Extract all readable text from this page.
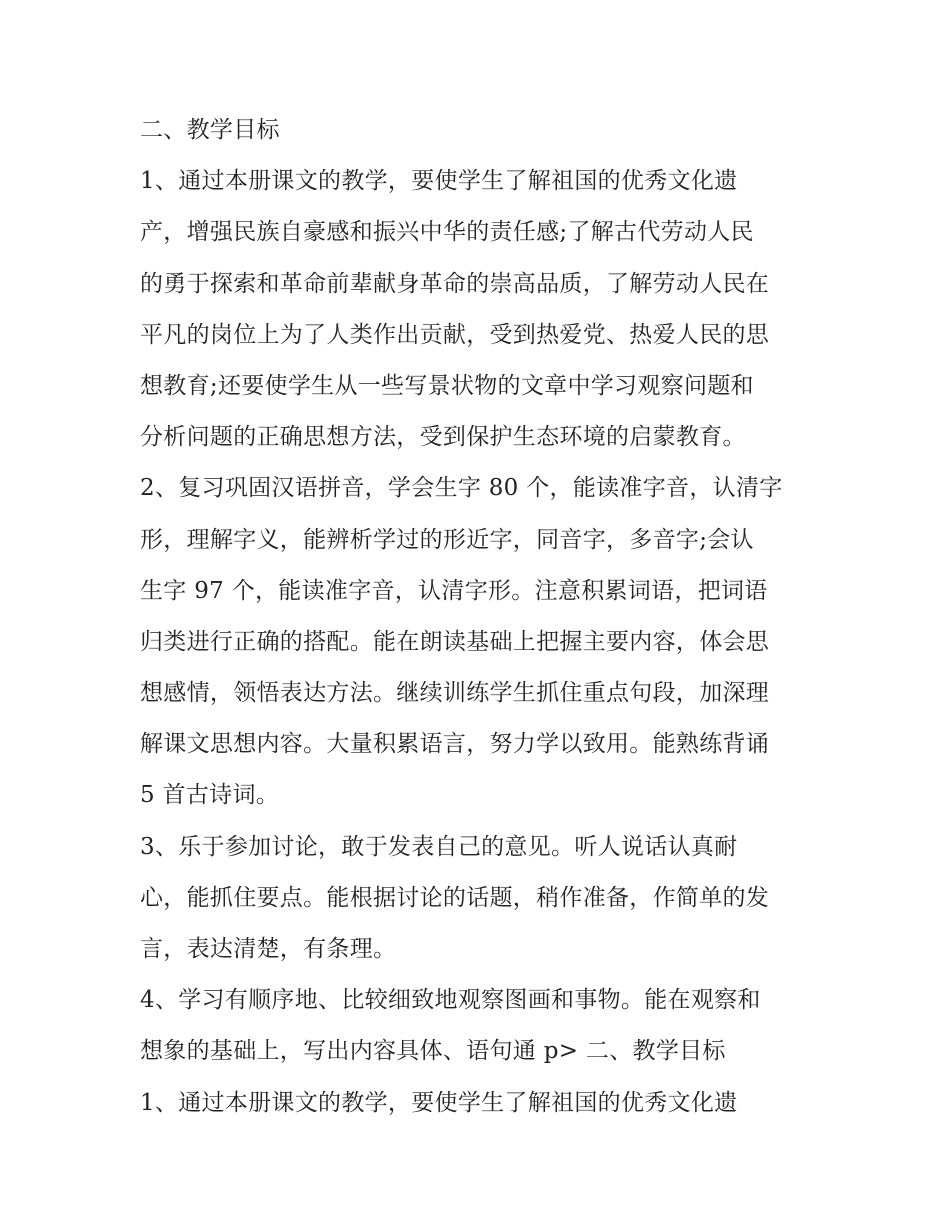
二、教学目标
1、通过本册课文的教学，要使学生了解祖国的优秀文化遗
产，增强民族自豪感和振兴中华的责任感;了解古代劳动人民
的勇于探索和革命前辈献身革命的崇高品质，了解劳动人民在
平凡的岗位上为了人类作出贡献，受到热爱党、热爱人民的思
想教育;还要使学生从一些写景状物的文章中学习观察问题和
分析问题的正确思想方法，受到保护生态环境的启蒙教育。
2、复习巩固汉语拼音，学会生字 80 个，能读准字音，认清字
形，理解字义，能辨析学过的形近字，同音字，多音字;会认
生字 97 个，能读准字音，认清字形。注意积累词语，把词语
归类进行正确的搭配。能在朗读基础上把握主要内容，体会思
想感情，领悟表达方法。继续训练学生抓住重点句段，加深理
解课文思想内容。大量积累语言，努力学以致用。能熟练背诵
5 首古诗词。
3、乐于参加讨论，敢于发表自己的意见。听人说话认真耐
心，能抓住要点。能根据讨论的话题，稍作准备，作简单的发
言，表达清楚，有条理。
4、学习有顺序地、比较细致地观察图画和事物。能在观察和
想象的基础上，写出内容具体、语句通 p> 二、教学目标
1、通过本册课文的教学，要使学生了解祖国的优秀文化遗
